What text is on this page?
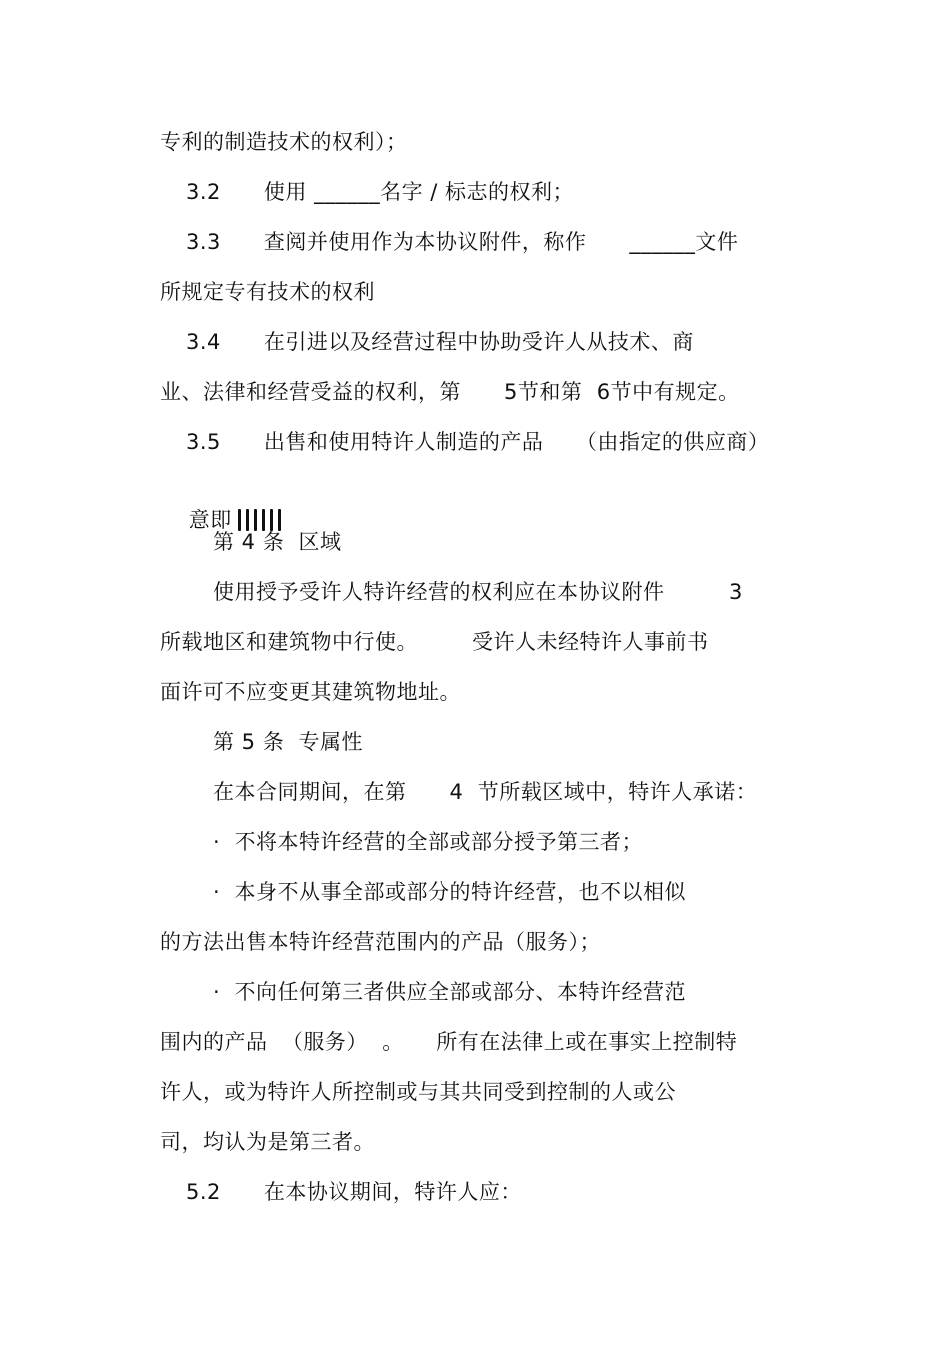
专利的制造技术的权利）；
3.2　　使用 ______名字 / 标志的权利；
3.3　　查阅并使用作为本协议附件，称作　　______文件
所规定专有技术的权利
3.4　　在引进以及经营过程中协助受许人从技术、商
业、法律和经营受益的权利，第　　5节和第  6节中有规定。
3.5　　出售和使用特许人制造的产品　　（由指定的供应商）

意即

第 4 条  区域
使用授予受许人特许经营的权利应在本协议附件　　　3
所载地区和建筑物中行使。　　　受许人未经特许人事前书
面许可不应变更其建筑物地址。
第 5 条  专属性
在本合同期间，在第　　4  节所载区域中，特许人承诺：
·  不将本特许经营的全部或部分授予第三者；
·  本身不从事全部或部分的特许经营，也不以相似
的方法出售本特许经营范围内的产品（服务）；
·  不向任何第三者供应全部或部分、本特许经营范
围内的产品  （服务）  。　　所有在法律上或在事实上控制特
许人，或为特许人所控制或与其共同受到控制的人或公
司，均认为是第三者。
5.2　　在本协议期间，特许人应：
